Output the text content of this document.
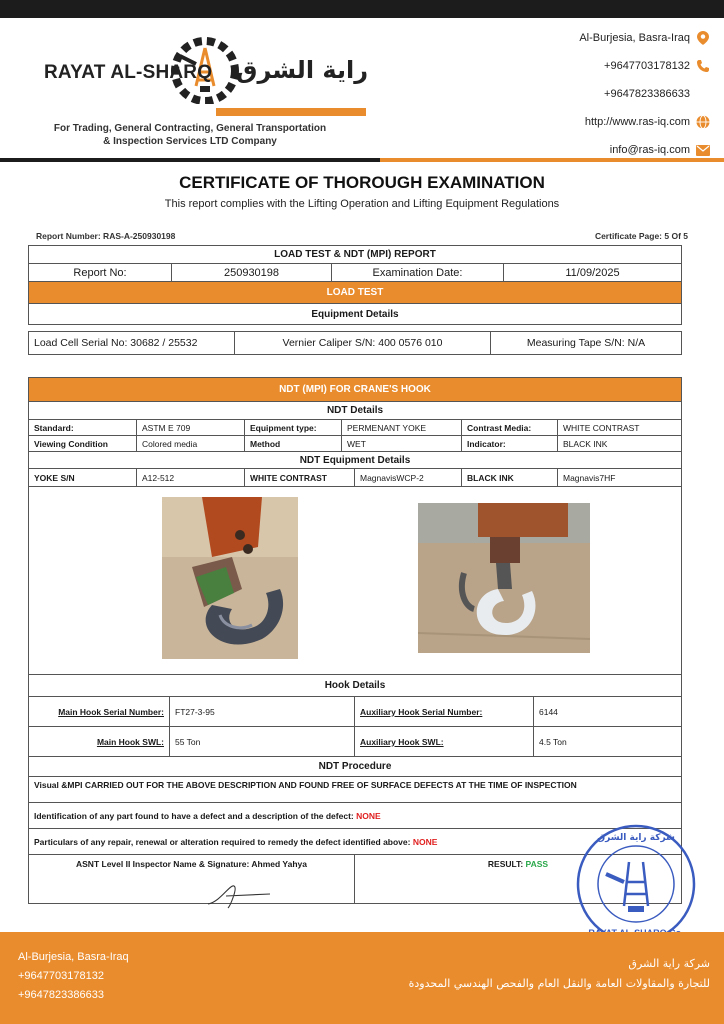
RAYAT AL-SHARQ راية الشرق
For Trading, General Contracting, General Transportation
& Inspection Services LTD Company
Al-Burjesia, Basra-Iraq
+9647703178132
+9647823386633
http://www.ras-iq.com
info@ras-iq.com
CERTIFICATE OF THOROUGH EXAMINATION
This report complies with the Lifting Operation and Lifting Equipment Regulations
Report Number: RAS-A-250930198	Certificate Page: 5 Of 5
LOAD TEST & NDT (MPI) REPORT
Report No:	250930198	Examination Date:	11/09/2025
LOAD TEST
Equipment Details
Load Cell Serial No: 30682 / 25532	Vernier Caliper S/N: 400 0576 010	Measuring Tape S/N: N/A
NDT (MPI) FOR CRANE'S HOOK
NDT Details
Standard:	ASTM E 709	Equipment type:	PERMENANT YOKE	Contrast Media:	WHITE CONTRAST
Viewing Condition	Colored media	Method	WET	Indicator:	BLACK INK
NDT Equipment Details
YOKE S/N	A12-512	WHITE CONTRAST	MagnavisWCP-2	BLACK INK	Magnavis7HF
Hook Details
Main Hook Serial Number:	FT27-3-95	Auxiliary Hook Serial Number:	6144
Main Hook SWL:	55 Ton	Auxiliary Hook SWL:	4.5 Ton
NDT Procedure
Visual &MPI CARRIED OUT FOR THE ABOVE DESCRIPTION AND FOUND FREE OF SURFACE DEFECTS AT THE TIME OF INSPECTION
Identification of any part found to have a defect and a description of the defect:
NONE
Particulars of any repair, renewal or alteration required to remedy the defect identified above:
NONE
ASNT Level II Inspector Name & Signature: Ahmed Yahya	RESULT:
PASS
شركة راية الشرق
Al-Burjesia, Basra-Iraq
+9647703178132
+9647823386633
شركة راية الشرق
للتجارة والمقاولات العامة والنقل العام والفحص الهندسي المحدودة
